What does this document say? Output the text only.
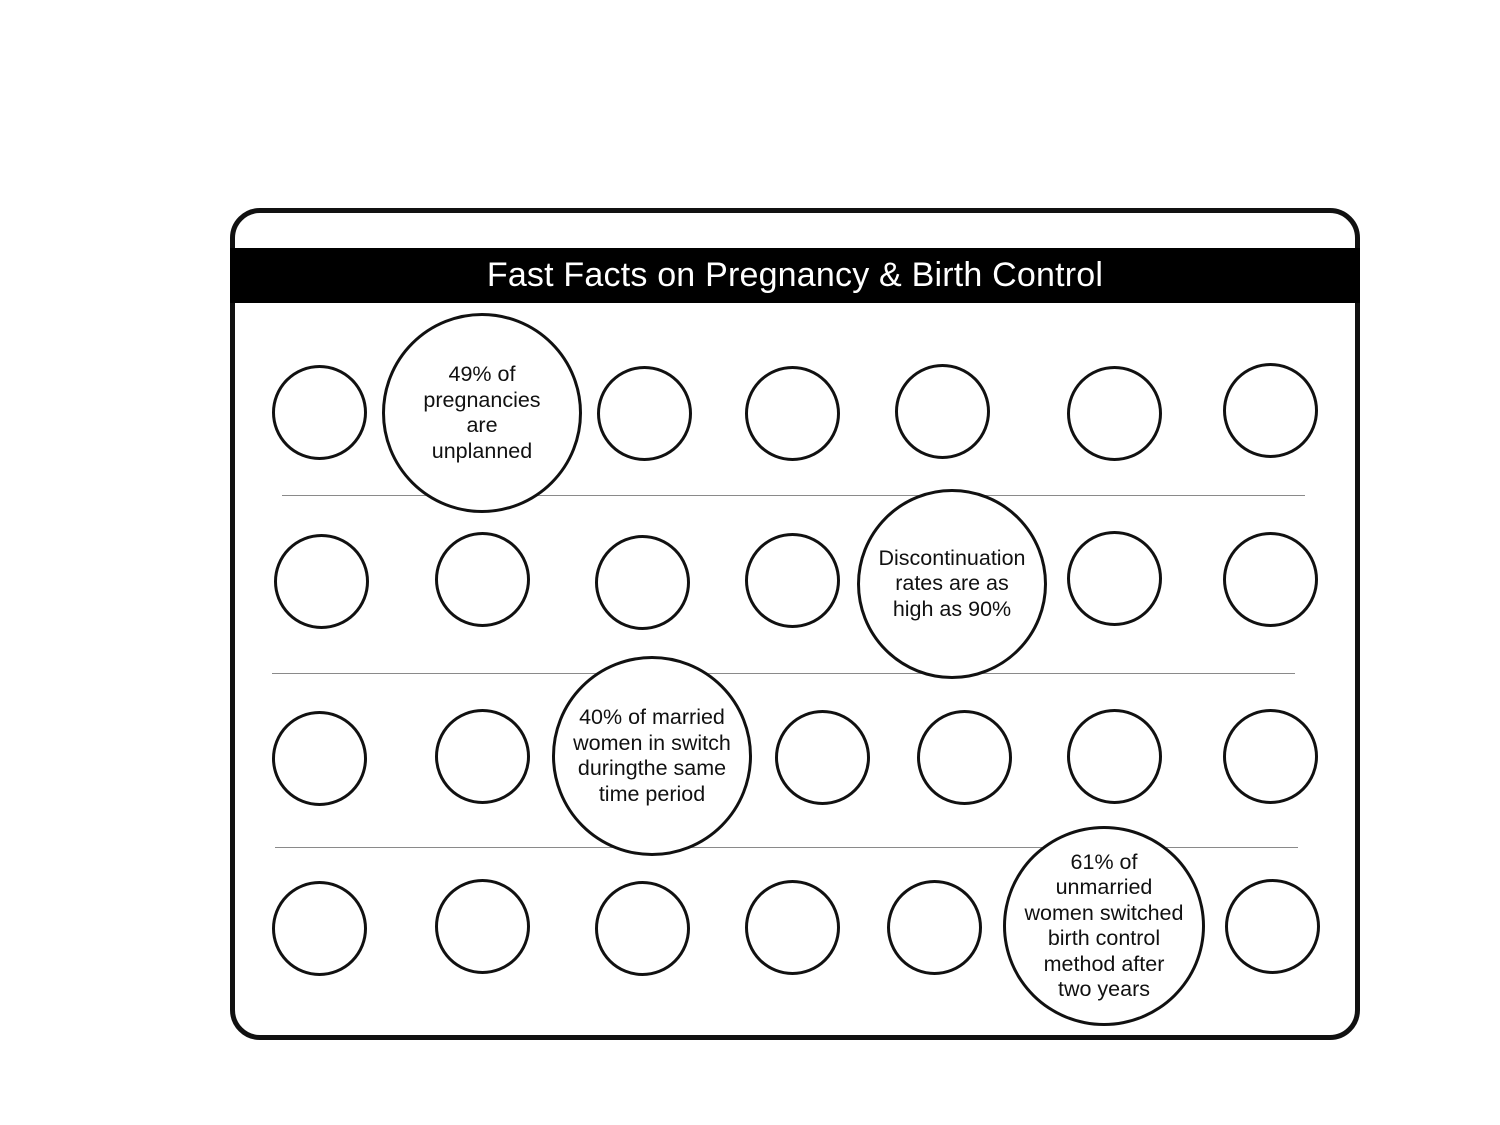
Fast Facts on Pregnancy & Birth Control
49% of
pregnancies
are
unplanned
Discontinuation
rates are as
high as 90%
40% of married
women in switch
duringthe same
time period
61% of
unmarried
women switched
birth control
method after
two years
